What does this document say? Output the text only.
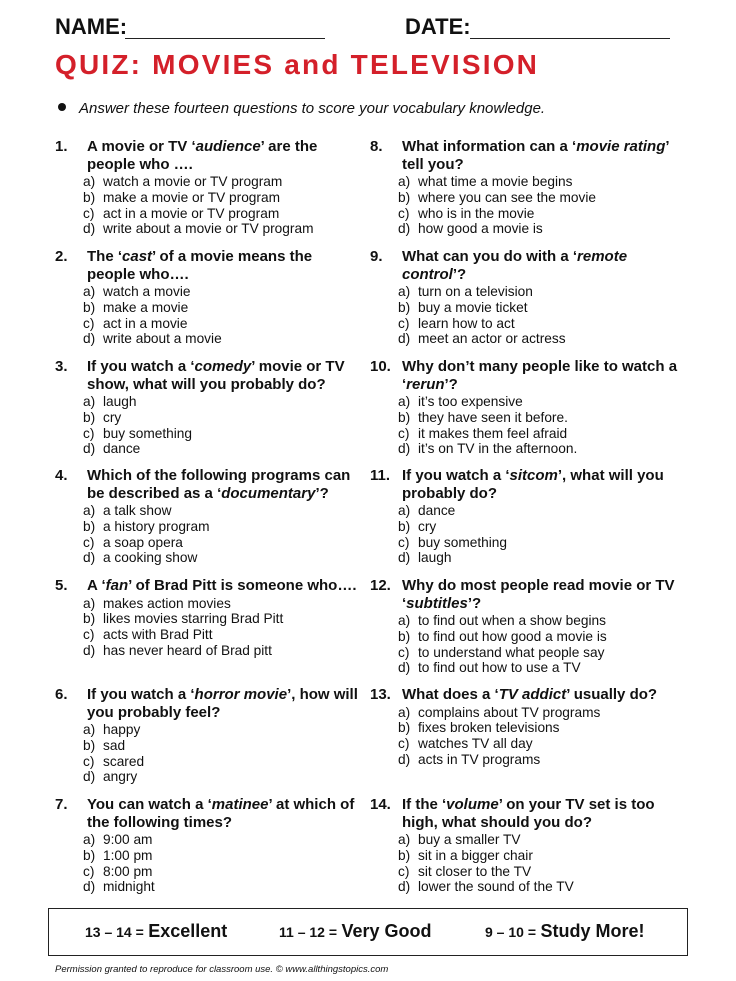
NAME:	DATE:
QUIZ: MOVIES and TELEVISION
Answer these fourteen questions to score your vocabulary knowledge.
1. A movie or TV ‘audience’ are the people who ….
a) watch a movie or TV program
b) make a movie or TV program
c) act in a movie or TV program
d) write about a movie or TV program
2. The ‘cast’ of a movie means the people who….
a) watch a movie
b) make a movie
c) act in a movie
d) write about a movie
3. If you watch a ‘comedy’ movie or TV show, what will you probably do?
a) laugh
b) cry
c) buy something
d) dance
4. Which of the following programs can be described as a ‘documentary’?
a) a talk show
b) a history program
c) a soap opera
d) a cooking show
5. A ‘fan’ of Brad Pitt is someone who….
a) makes action movies
b) likes movies starring Brad Pitt
c) acts with Brad Pitt
d) has never heard of Brad pitt
6. If you watch a ‘horror movie’, how will you probably feel?
a) happy
b) sad
c) scared
d) angry
7. You can watch a ‘matinee’ at which of the following times?
a) 9:00 am
b) 1:00 pm
c) 8:00 pm
d) midnight
8. What information can a ‘movie rating’ tell you?
a) what time a movie begins
b) where you can see the movie
c) who is in the movie
d) how good a movie is
9. What can you do with a ‘remote control’?
a) turn on a television
b) buy a movie ticket
c) learn how to act
d) meet an actor or actress
10. Why don’t many people like to watch a ‘rerun’?
a) it’s too expensive
b) they have seen it before.
c) it makes them feel afraid
d) it’s on TV in the afternoon.
11. If you watch a ‘sitcom’, what will you probably do?
a) dance
b) cry
c) buy something
d) laugh
12. Why do most people read movie or TV ‘subtitles’?
a) to find out when a show begins
b) to find out how good a movie is
c) to understand what people say
d) to find out how to use a TV
13. What does a ‘TV addict’ usually do?
a) complains about TV programs
b) fixes broken televisions
c) watches TV all day
d) acts in TV programs
14. If the ‘volume’ on your TV set is too high, what should you do?
a) buy a smaller TV
b) sit in a bigger chair
c) sit closer to the TV
d) lower the sound of the TV
13 – 14 = Excellent	11 – 12 = Very Good	9 – 10 = Study More!
Permission granted to reproduce for classroom use. © www.allthingstopics.com
